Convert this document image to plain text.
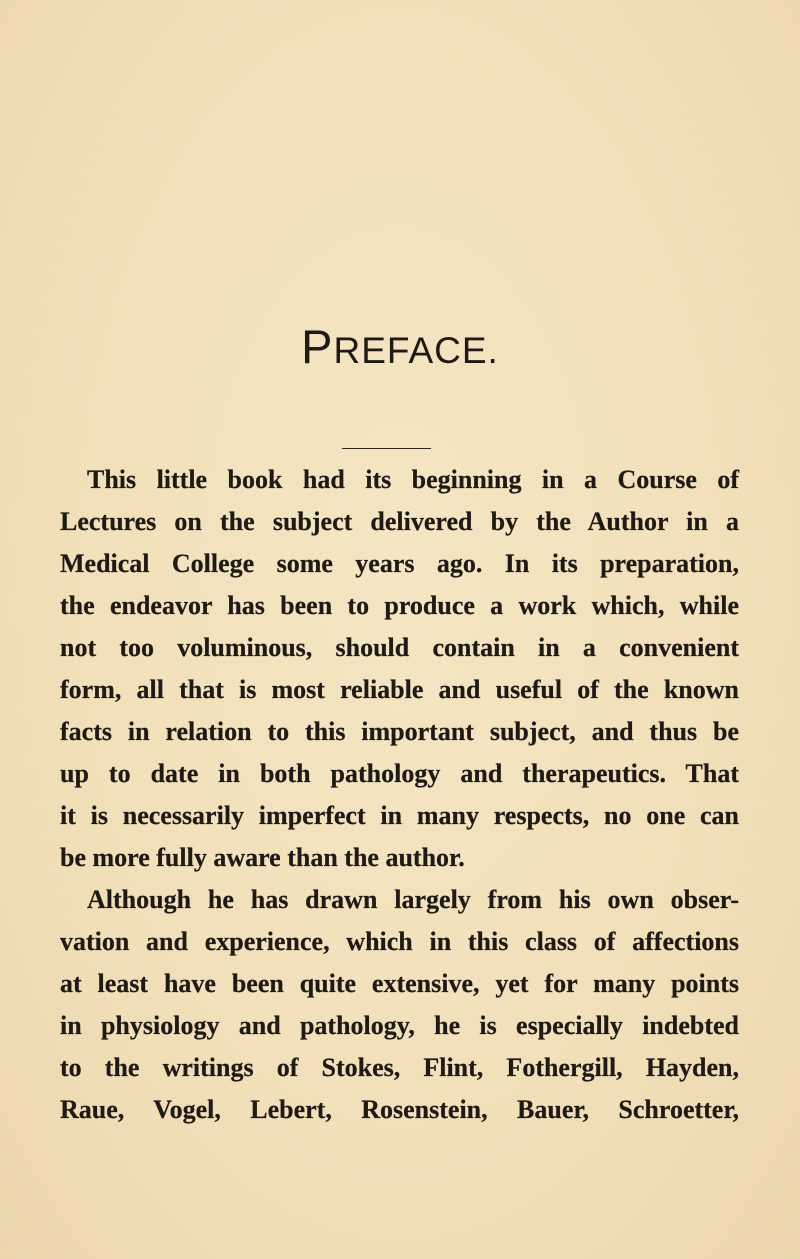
PREFACE.
This little book had its beginning in a Course of
Lectures on the subject delivered by the Author in a
Medical College some years ago. In its preparation,
the endeavor has been to produce a work which, while
not too voluminous, should contain in a convenient
form, all that is most reliable and useful of the known
facts in relation to this important subject, and thus be
up to date in both pathology and therapeutics. That
it is necessarily imperfect in many respects, no one can
be more fully aware than the author.
Although he has drawn largely from his own obser-
vation and experience, which in this class of affections
at least have been quite extensive, yet for many points
in physiology and pathology, he is especially indebted
to the writings of Stokes, Flint, Fothergill, Hayden,
Raue, Vogel, Lebert, Rosenstein, Bauer, Schroetter,
